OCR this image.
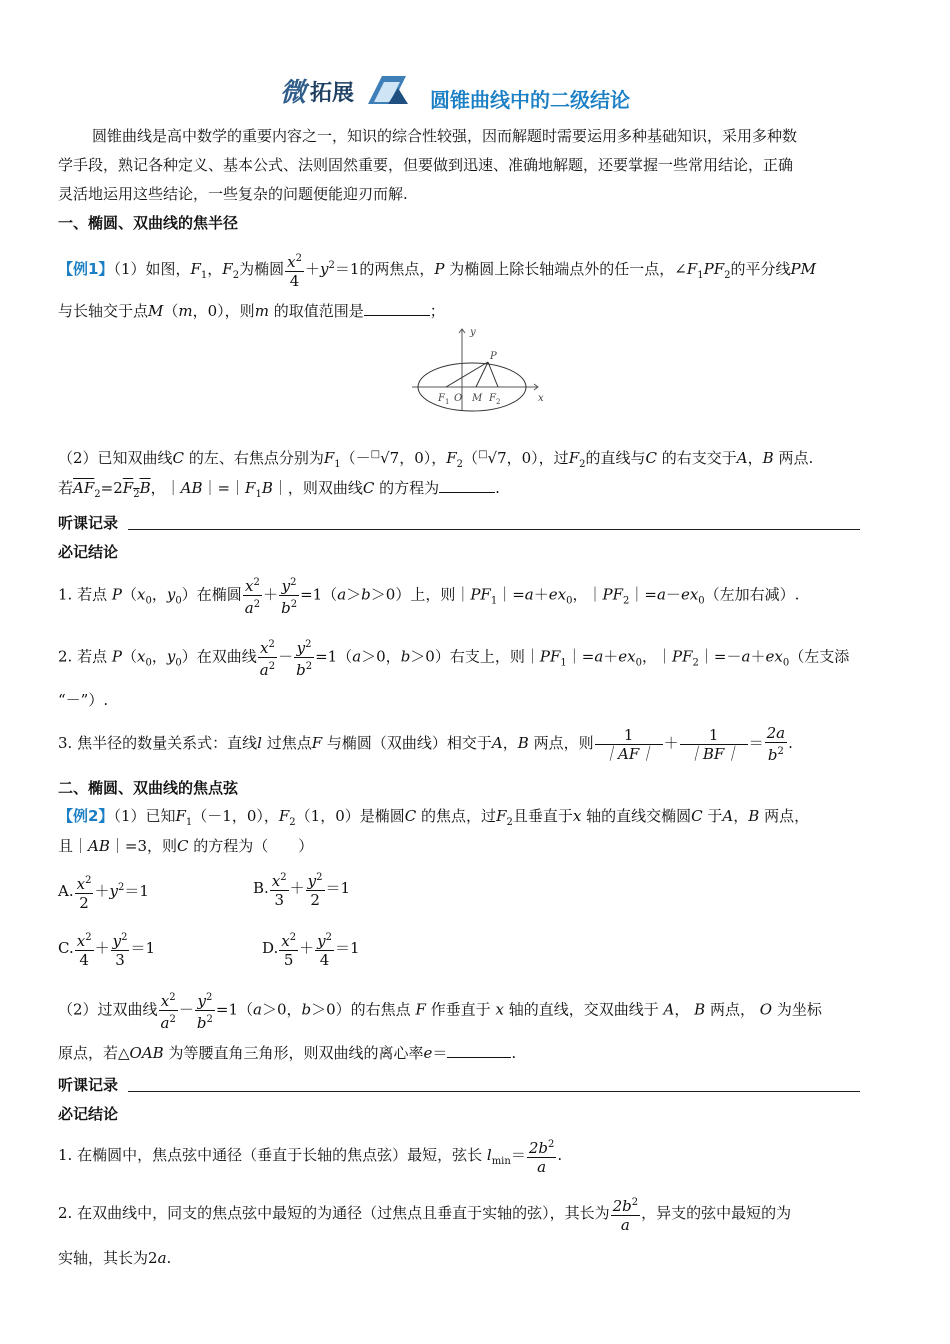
微 拓展	圆锥曲线中的二级结论
圆锥曲线是高中数学的重要内容之一，知识的综合性较强，因而解题时需要运用多种基础知识，采用多种数
学手段，熟记各种定义、基本公式、法则固然重要，但要做到迅速、准确地解题，还要掌握一些常用结论，正确
灵活地运用这些结论，一些复杂的问题便能迎刃而解.
一、椭圆、双曲线的焦半径
【例1】（1）如图，$F_1$，$F_2$为椭圆 $\frac{x^2}{4} +y^2=1$的两焦点，P 为椭圆上除长轴端点外的任一点，$\angle F_1PF_2$的平分线PM
与长轴交于点M（m，0），则m 的取值范围是	；
y
x
P
F 1 O M F 2
（2）已知双曲线C 的左、右焦点分别为$F_1(-^□√7$，0），$F_2(^□√7$，0），过$F_2$的直线与C 的右支交于A，B 两点.
若$\overline{AF}_2=2F_2B$，$|AB|=|F_1B|$，则双曲线C 的方程为	.
听课记录
必记结论
1. 若点 $P(x_0$，$y_0$）在椭圆 $\frac{x^2}{a^2} + \frac{y^2}{b^2} =1(a>b>0)$上，则$|PF_1|=a+ex_0$，$|PF_2|=a-ex_0$（左加右减）.
2. 若点 $P(x_0$，$y_0$）在双曲线 $\frac{x^2}{a^2} - \frac{y^2}{b^2} =1(a>0$，b＞0）右支上，则$|PF_1|=a+ex_0$，$|PF_2|=-a+ex_0$（左支添
“－”）.
3. 焦半径的数量关系式：直线l 过焦点F 与椭圆（双曲线）相交于A，B 两点，则 $\frac{1}{|AF|} + \frac{1}{|BF|} = \frac{2a}{b^2}$ .
二、椭圆、双曲线的焦点弦
【例2】（1）已知$F_1(-1$，0），$F_2(1$，0）是椭圆C 的焦点，过$F_2$且垂直于x 轴的直线交椭圆C 于A，B 两点，
且｜AB｜=3，则C 的方程为（　　）
A. $\frac{x^2}{2} +y^2=1$	B. $\frac{x^2}{3} + \frac{y^2}{2} =1$
C. $\frac{x^2}{4} + \frac{y^2}{3} =1$	D. $\frac{x^2}{5} + \frac{y^2}{4} =1$
（2）过双曲线 $\frac{x^2}{a^2} - \frac{y^2}{b^2} =1(a>0$，b＞0）的右焦点 F 作垂直于 x 轴的直线，交双曲线于 A， B 两点， O 为坐标
原点，若△OAB 为等腰直角三角形，则双曲线的离心率e＝	.
听课记录
必记结论
1. 在椭圆中，焦点弦中通径（垂直于长轴的焦点弦）最短，弦长 $l_{min}= \frac{2b^2}{a}$ .
2. 在双曲线中，同支的焦点弦中最短的为通径（过焦点且垂直于实轴的弦），其长为 $\frac{2b^2}{a}$ ，异支的弦中最短的为
实轴，其长为2a.
